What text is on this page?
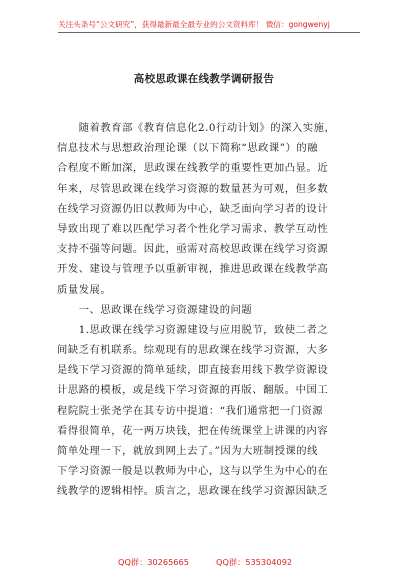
关注头条号“公文研究”，获得最新最全最专业的公文资料库！ 微信：gongwenyj
高校思政课在线教学调研报告
　　随着教育部《教育信息化2.0行动计划》的深入实施，
信息技术与思想政治理论课（以下简称“思政课”）的融
合程度不断加深，思政课在线教学的重要性更加凸显。近
年来，尽管思政课在线学习资源的数量甚为可观，但多数
在线学习资源仍旧以教师为中心，缺乏面向学习者的设计
导致出现了难以匹配学习者个性化学习需求、教学互动性
支持不强等问题。因此，亟需对高校思政课在线学习资源
开发、建设与管理予以重新审视，推进思政课在线教学高
质量发展。
　　一、思政课在线学习资源建设的问题
　　1.思政课在线学习资源建设与应用脱节，致使二者之
间缺乏有机联系。综观现有的思政课在线学习资源，大多
是线下学习资源的简单延续，即直接套用线下教学资源设
计思路的模板，或是线下学习资源的再版、翻版。中国工
程院院士张尧学在其专访中提道：“我们通常把一门资源
看得很简单，花一两万块钱，把在传统课堂上讲课的内容
简单处理一下，就放到网上去了。”因为大班制授课的线
下学习资源一般是以教师为中心，这与以学生为中心的在
线教学的逻辑相悖。质言之，思政课在线学习资源因缺乏
QQ群：30265665	QQ群：535304092
